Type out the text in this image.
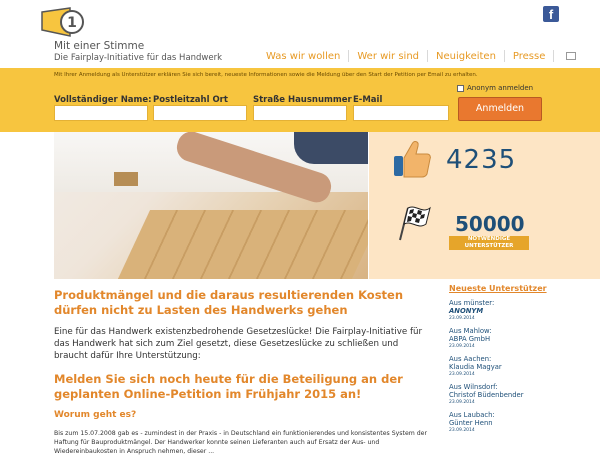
1
Mit einer Stimme
Die Fairplay-Initiative für das Handwerk
f
Was wir wollen Wer wir sind Neuigkeiten Presse
Mit Ihrer Anmeldung als Unterstützer erklären Sie sich bereit, neueste Informationen sowie die Meldung über den Start der Petition per Email zu erhalten.
Vollständiger Name: Postleitzahl Ort	Straße Hausnummer E-Mail
Anonym anmelden
Anmelden
4235
50000
NOTWENDIGE UNTERSTÜTZER
Produktmängel und die daraus resultierenden Kosten dürfen nicht zu Lasten des Handwerks gehen
Eine für das Handwerk existenzbedrohende Gesetzeslücke! Die Fairplay-Initiative für das Handwerk hat sich zum Ziel gesetzt, diese Gesetzeslücke zu schließen und braucht dafür Ihre Unterstützung:
Melden Sie sich noch heute für die Beteiligung an der geplanten Online-Petition im Frühjahr 2015 an!
Worum geht es?
Bis zum 15.07.2008 gab es - zumindest in der Praxis - in Deutschland ein funktionierendes und konsistentes System der Haftung für Bauproduktmängel. Der Handwerker konnte seinen Lieferanten auch auf Ersatz der Aus- und Wiedereinbaukosten in Anspruch nehmen, dieser ...
Neueste Unterstützer
Aus münster:
ANONYM
23.09.2014
Aus Mahlow:
ABPA GmbH
23.09.2014
Aus Aachen:
Klaudia Magyar
23.09.2014
Aus Wilnsdorf:
Christof Büdenbender
23.09.2014
Aus Laubach:
Günter Henn
23.09.2014
